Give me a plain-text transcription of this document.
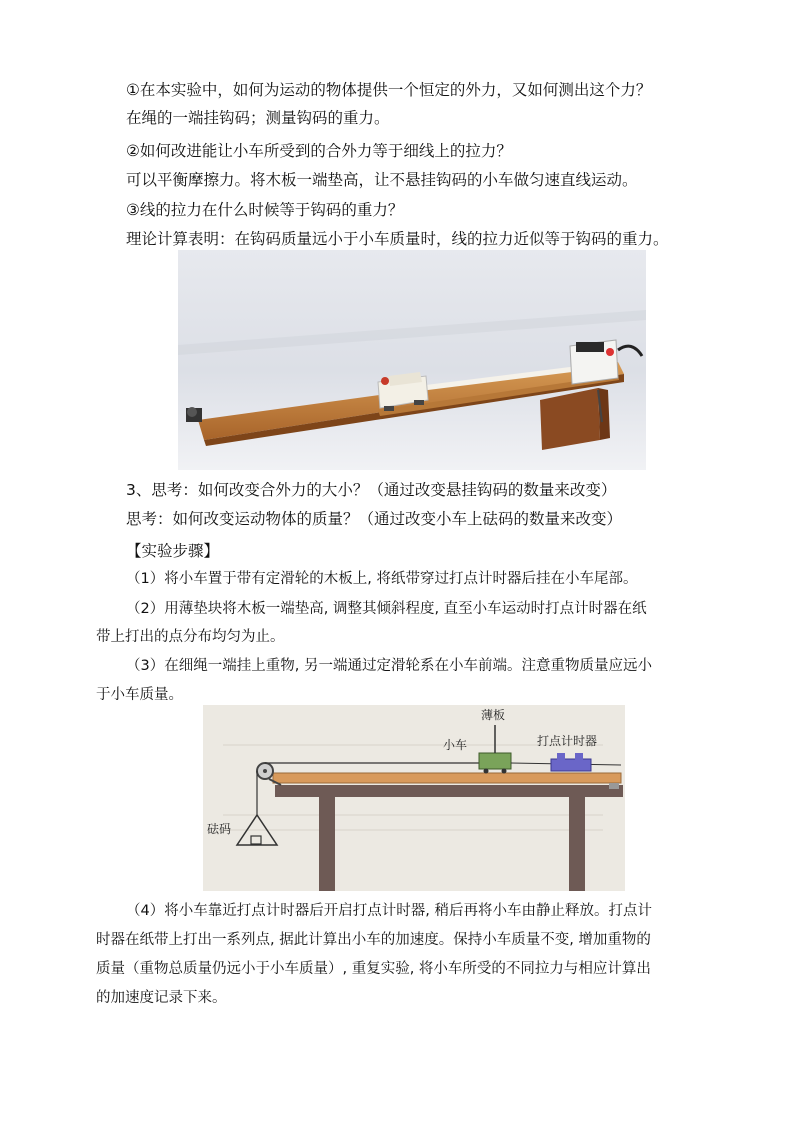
①在本实验中，如何为运动的物体提供一个恒定的外力，又如何测出这个力？
在绳的一端挂钩码；测量钩码的重力。
②如何改进能让小车所受到的合外力等于细线上的拉力？
可以平衡摩擦力。将木板一端垫高，让不悬挂钩码的小车做匀速直线运动。
③线的拉力在什么时候等于钩码的重力？
理论计算表明：在钩码质量远小于小车质量时，线的拉力近似等于钩码的重力。
3、思考：如何改变合外力的大小？（通过改变悬挂钩码的数量来改变）
思考：如何改变运动物体的质量？（通过改变小车上砝码的数量来改变）
【实验步骤】
（1）将小车置于带有定滑轮的木板上, 将纸带穿过打点计时器后挂在小车尾部。
（2）用薄垫块将木板一端垫高, 调整其倾斜程度, 直至小车运动时打点计时器在纸
带上打出的点分布均匀为止。
（3）在细绳一端挂上重物, 另一端通过定滑轮系在小车前端。注意重物质量应远小
于小车质量。
薄板
小车	打点计时器
砝码
（4）将小车靠近打点计时器后开启打点计时器, 稍后再将小车由静止释放。打点计
时器在纸带上打出一系列点, 据此计算出小车的加速度。保持小车质量不变, 增加重物的
质量（重物总质量仍远小于小车质量）, 重复实验, 将小车所受的不同拉力与相应计算出
的加速度记录下来。
